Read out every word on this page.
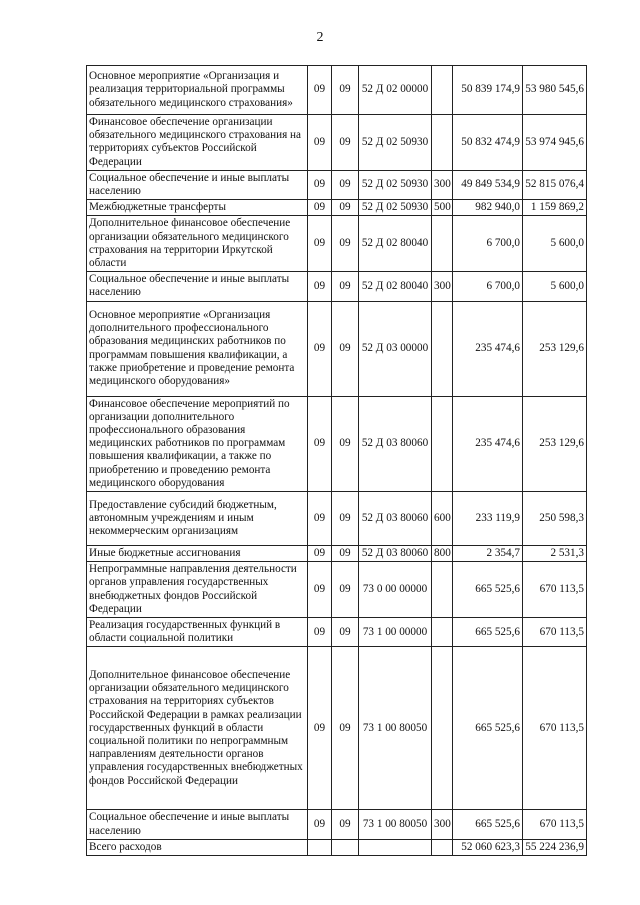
2
Основное мероприятие «Организация и реализация территориальной программы обязательного медицинского страхования»	09	09	52 Д 02 00000		50 839 174,9	53 980 545,6
Финансовое обеспечение организации обязательного медицинского страхования на территориях субъектов Российской Федерации	09	09	52 Д 02 50930		50 832 474,9	53 974 945,6
Социальное обеспечение и иные выплаты населению	09	09	52 Д 02 50930	300	49 849 534,9	52 815 076,4
Межбюджетные трансферты	09	09	52 Д 02 50930	500	982 940,0	1 159 869,2
Дополнительное финансовое обеспечение организации обязательного медицинского страхования на территории Иркутской области	09	09	52 Д 02 80040		6 700,0	5 600,0
Социальное обеспечение и иные выплаты населению	09	09	52 Д 02 80040	300	6 700,0	5 600,0
Основное мероприятие «Организация дополнительного профессионального образования медицинских работников по программам повышения квалификации, а также приобретение и проведение ремонта медицинского оборудования»	09	09	52 Д 03 00000		235 474,6	253 129,6
Финансовое обеспечение мероприятий по организации дополнительного профессионального образования медицинских работников по программам повышения квалификации, а также по приобретению и проведению ремонта медицинского оборудования	09	09	52 Д 03 80060		235 474,6	253 129,6
Предоставление субсидий бюджетным, автономным учреждениям и иным некоммерческим организациям	09	09	52 Д 03 80060	600	233 119,9	250 598,3
Иные бюджетные ассигнования	09	09	52 Д 03 80060	800	2 354,7	2 531,3
Непрограммные направления деятельности органов управления государственных внебюджетных фондов Российской Федерации	09	09	73 0 00 00000		665 525,6	670 113,5
Реализация государственных функций в области социальной политики	09	09	73 1 00 00000		665 525,6	670 113,5
Дополнительное финансовое обеспечение организации обязательного медицинского страхования на территориях субъектов Российской Федерации в рамках реализации государственных функций в области социальной политики по непрограммным направлениям деятельности органов управления государственных внебюджетных фондов Российской Федерации	09	09	73 1 00 80050		665 525,6	670 113,5
Социальное обеспечение и иные выплаты населению	09	09	73 1 00 80050	300	665 525,6	670 113,5
Всего расходов					52 060 623,3	55 224 236,9
